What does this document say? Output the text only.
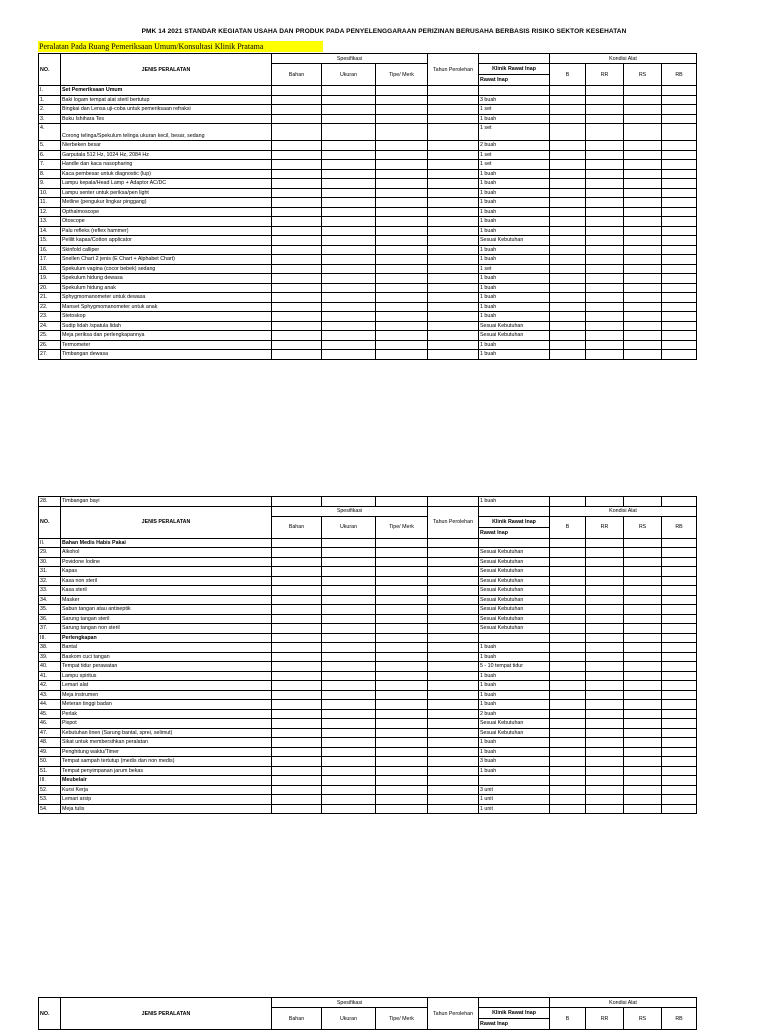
PMK 14 2021 STANDAR KEGIATAN USAHA DAN PRODUK PADA PENYELENGGARAAN PERIZINAN BERUSAHA BERBASIS RISIKO SEKTOR KESEHATAN
Peralatan Pada Ruang Pemeriksaan Umum/Konsultasi Klinik Pratama
NO.	JENIS PERALATAN	Spesifikasi			Tahun Perolehan		Kondisi Alat			
		Bahan	Ukuran	Tipe/ Merk		Klinik Rawat Inap	B	RR	RS	RB
						Rawat Inap				
I.	Set Pemeriksaan Umum									
1.	Baki logam tempat alat steril bertutup					3 buah				
2.	Bingkai dan Lensa uji-coba untuk pemeriksaan refraksi					1 set				
3.	Buku Ishihara Tes					1 buah				
4.	Corong telinga/Spekulum telinga ukuran kecil, besar, sedang					1 set				
5.	Nierbeken besar					2 buah				
6.	Garputala 512 Hz, 1024 Hz, 2084 Hz					1 set				
7.	Handle dan kaca nasopharing					1 set				
8.	Kaca pembesar untuk diagnostic (lup)					1 buah				
9.	Lampu kepala/Head Lamp + Adaptor AC/DC					1 buah				
10.	Lampu senter untuk periksa/pen light					1 buah				
11.	Metline (pengukur lingkar pinggang)					1 buah				
12.	Opthalmoscope					1 buah				
13.	Otoscope					1 buah				
14.	Palu refleks (reflex hammer)					1 buah				
15.	Pelilit kapas/Cotton applicator					Sesuai Kebutuhan				
16.	Skinfold calliper					1 buah				
17.	Snellen Chart 2 jenis (E Chart + Alphabet Chart)					1 buah				
18.	Spekulum vagina (cocor bebek) sedang					1 set				
19.	Spekulum hidung dewasa					1 buah				
20.	Spekulum hidung anak					1 buah				
21.	Sphygmomanometer untuk dewasa					1 buah				
22.	Manset Sphygmomanometer untuk anak					1 buah				
23.	Stetoskop					1 buah				
24.	Sudip lidah /spatula lidah					Sesuai Kebutuhan				
25.	Meja periksa dan perlengkapannya					Sesuai Kebutuhan				
26.	Termometer					1 buah				
27.	Timbangan dewasa					1 buah				
28.	Timbangan bayi					1 buah				
NO.	JENIS PERALATAN	Spesifikasi			Tahun Perolehan		Kondisi Alat			
		Bahan	Ukuran	Tipe/ Merk		Klinik Rawat Inap	B	RR	RS	RB
						Rawat Inap				
II.	Bahan Medis Habis Pakai									
29.	Alkohol					Sesuai Kebutuhan				
30.	Povidone Iodine					Sesuai Kebutuhan				
31.	Kapas					Sesuai Kebutuhan				
32.	Kasa non steril					Sesuai Kebutuhan				
33.	Kasa steril					Sesuai Kebutuhan				
34.	Masker					Sesuai Kebutuhan				
35.	Sabun tangan atau antiseptik					Sesuai Kebutuhan				
36.	Sarung tangan steril					Sesuai Kebutuhan				
37.	Sarung tangan non steril					Sesuai Kebutuhan				
III.	Perlengkapan									
38.	Bantal					1 buah				
39.	Baskom cuci tangan					1 buah				
40.	Tempat tidur perawatan					5 - 10 tempat tidur				
41.	Lampu spiritus					1 buah				
42.	Lemari alat					1 buah				
43.	Meja instrumen					1 buah				
44.	Meteran tinggi badan					1 buah				
45.	Perlak					2 buah				
46.	Pispot					Sesuai Kebutuhan				
47.	Kebutuhan linen (Sarung bantal, sprei, selimut)					Sesuai Kebutuhan				
48.	Sikat untuk membersihkan peralatan					1 buah				
49.	Penghitung waktu/Timer					1 buah				
50.	Tempat sampah tertutup (medis dan non medis)					3 buah				
51.	Tempat penyimpanan jarum bekas					1 buah				
III.	Meubelair									
52.	Kursi Kerja					3 unit				
53.	Lemari arsip					1 unit				
54.	Meja tulis					1 unit				
NO.	JENIS PERALATAN	Spesifikasi			Tahun Perolehan		Kondisi Alat			
		Bahan	Ukuran	Tipe/ Merk		Klinik Rawat Inap	B	RR	RS	RB
						Rawat Inap				
